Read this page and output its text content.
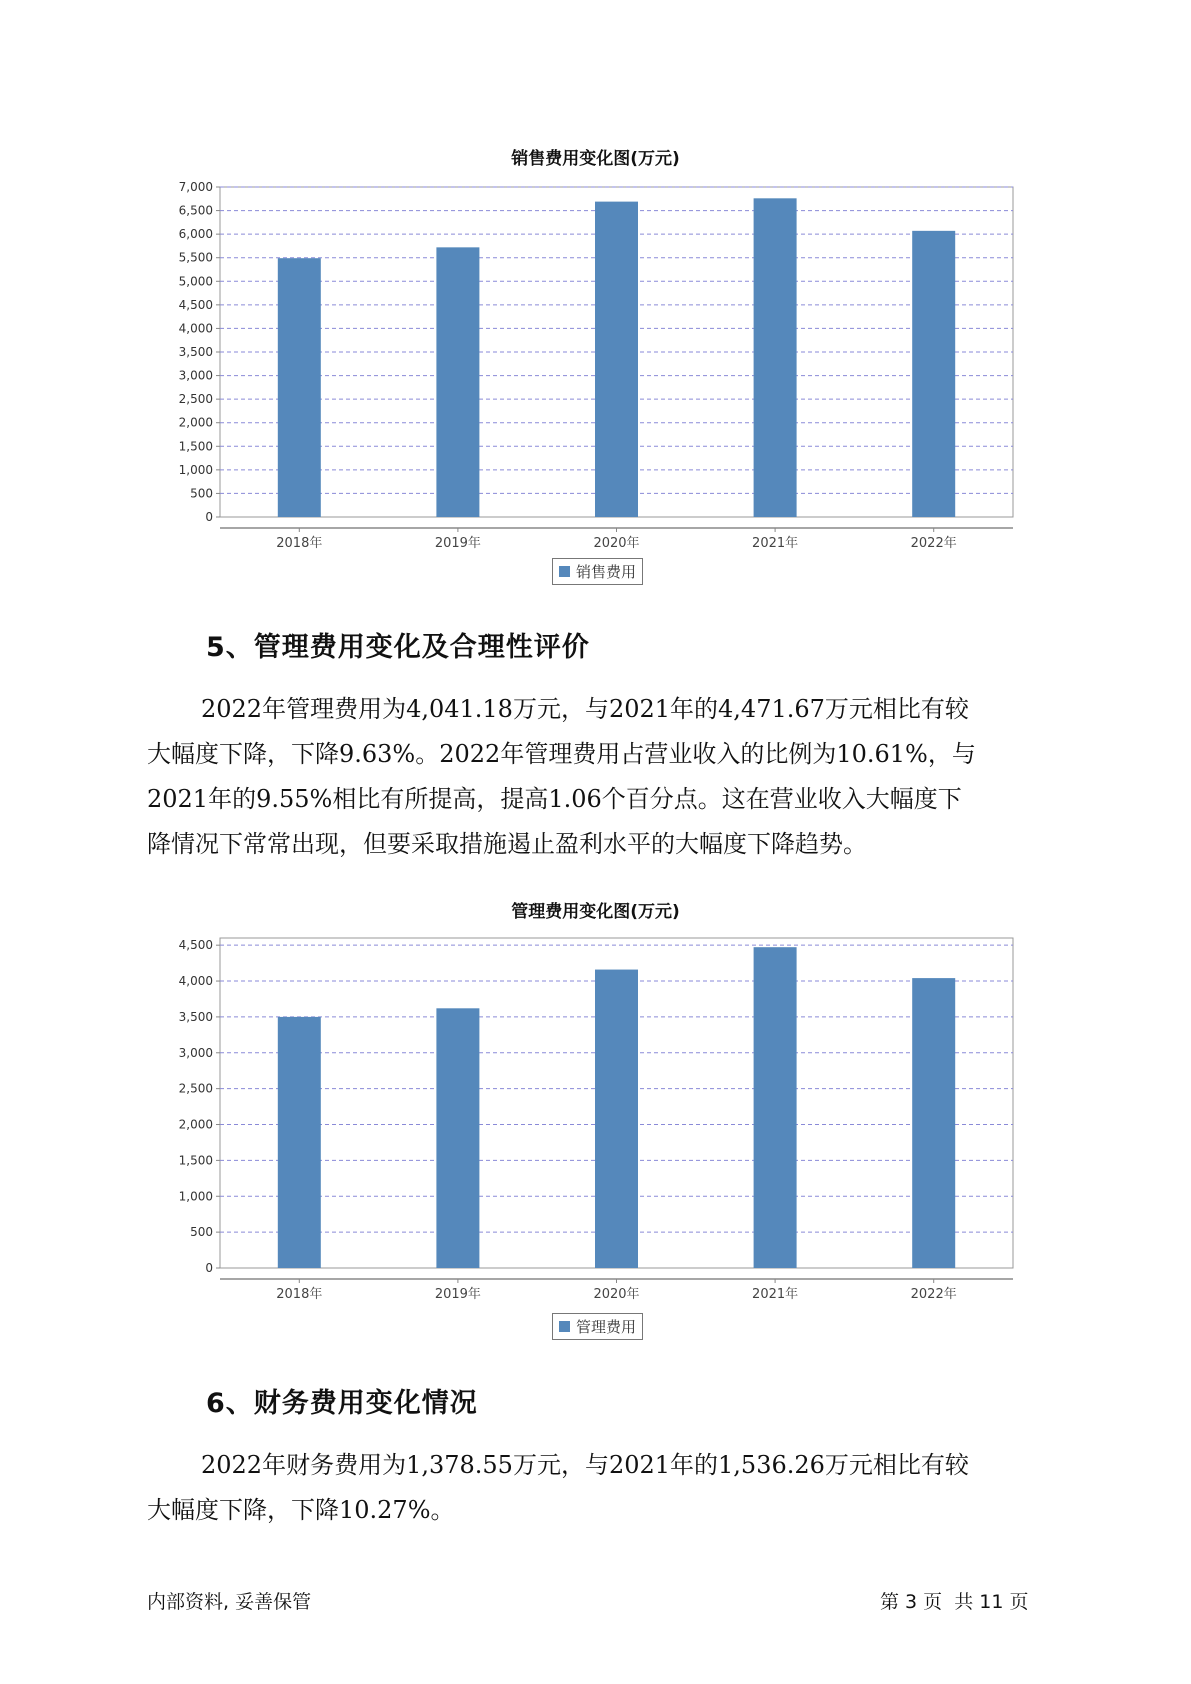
销售费用变化图(万元)
0
500
1,000
1,500
2,000
2,500
3,000
3,500
4,000
4,500
5,000
5,500
6,000
6,500
7,000
2018年	2019年	2020年	2021年	2022年
销售费用
5、管理费用变化及合理性评价

2022年管理费用为4,041.18万元，与2021年的4,471.67万元相比有较

大幅度下降，下降9.63%。2022年管理费用占营业收入的比例为10.61%，与

2021年的9.55%相比有所提高，提高1.06个百分点。这在营业收入大幅度下

降情况下常常出现，但要采取措施遏止盈利水平的大幅度下降趋势。

管理费用变化图(万元)
0
500
1,000
1,500
2,000
2,500
3,000
3,500
4,000
4,500
2018年	2019年	2020年	2021年	2022年
管理费用
6、财务费用变化情况

2022年财务费用为1,378.55万元，与2021年的1,536.26万元相比有较

大幅度下降，下降10.27%。

内部资料, 妥善保管	第 3 页  共 11 页
